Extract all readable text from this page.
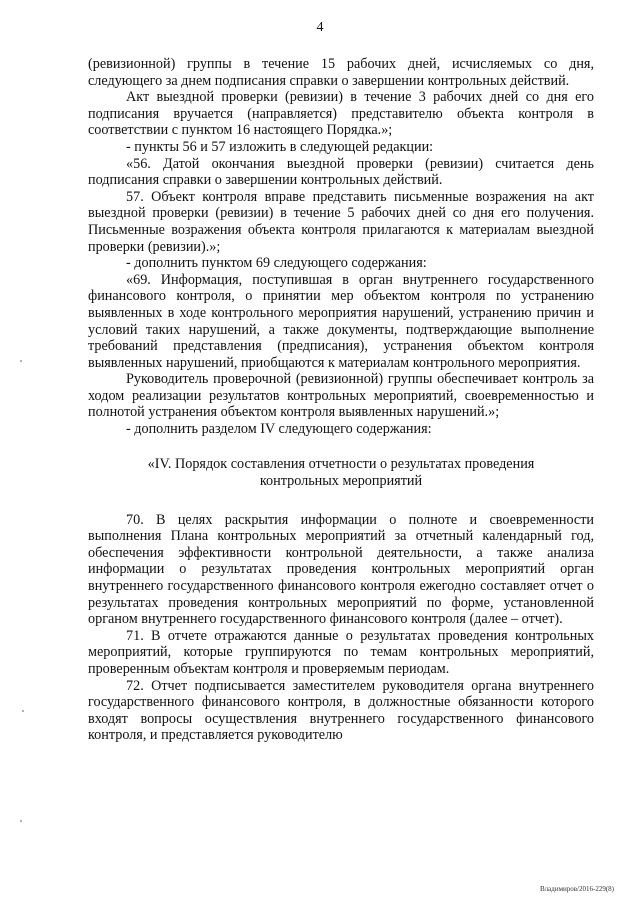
4

(ревизионной) группы в течение 15 рабочих дней, исчисляемых со дня, следующего за днем подписания справки о завершении контрольных действий.

Акт выездной проверки (ревизии) в течение 3 рабочих дней со дня его подписания вручается (направляется) представителю объекта контроля в соответствии с пунктом 16 настоящего Порядка.»;

- пункты 56 и 57 изложить в следующей редакции:

«56. Датой окончания выездной проверки (ревизии) считается день подписания справки о завершении контрольных действий.

57. Объект контроля вправе представить письменные возражения на акт выездной проверки (ревизии) в течение 5 рабочих дней со дня его получения. Письменные возражения объекта контроля прилагаются к материалам выездной проверки (ревизии).»;

- дополнить пунктом 69 следующего содержания:

«69. Информация, поступившая в орган внутреннего государственного финансового контроля, о принятии мер объектом контроля по устранению выявленных в ходе контрольного мероприятия нарушений, устранению причин и условий таких нарушений, а также документы, подтверждающие выполнение требований представления (предписания), устранения объектом контроля выявленных нарушений, приобщаются к материалам контрольного мероприятия.

Руководитель проверочной (ревизионной) группы обеспечивает контроль за ходом реализации результатов контрольных мероприятий, своевременностью и полнотой устранения объектом контроля выявленных нарушений.»;

- дополнить разделом IV следующего содержания:

«IV. Порядок составления отчетности о результатах проведения
контрольных мероприятий

70. В целях раскрытия информации о полноте и своевременности выполнения Плана контрольных мероприятий за отчетный календарный год, обеспечения эффективности контрольной деятельности, а также анализа информации о результатах проведения контрольных мероприятий орган внутреннего государственного финансового контроля ежегодно составляет отчет о результатах проведения контрольных мероприятий по форме, установленной органом внутреннего государственного финансового контроля (далее – отчет).

71. В отчете отражаются данные о результатах проведения контрольных мероприятий, которые группируются по темам контрольных мероприятий, проверенным объектам контроля и проверяемым периодам.

72. Отчет подписывается заместителем руководителя органа внутреннего государственного финансового контроля, в должностные обязанности которого входят вопросы осуществления внутреннего государственного финансового контроля, и представляется руководителю

Владимиров/2016-229(8)
